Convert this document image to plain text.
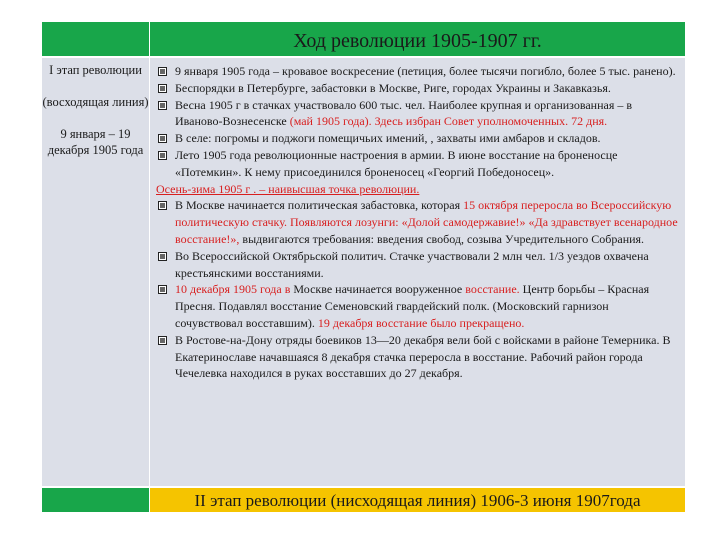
Ход революции 1905-1907 гг.
I этап революции
(восходящая линия)
9 января – 19 декабря 1905 года
9 января 1905 года – кровавое воскресение (петиция, более тысячи погибло, более 5 тыс. ранено).
Беспорядки в Петербурге, забастовки в Москве, Риге, городах Украины и Закавказья.
Весна 1905 г в стачках участвовало 600 тыс. чел. Наиболее крупная и организованная – в Иваново-Вознесенске (май 1905 года). Здесь избран Совет уполномоченных. 72 дня.
В селе: погромы и поджоги помещичьих имений, , захваты ими амбаров и складов.
Лето 1905 года революционные настроения в армии. В июне восстание на броненосце «Потемкин». К нему присоединился броненосец «Георгий Победоносец».
Осень-зима 1905 г . – наивысшая точка революции.
В Москве начинается политическая забастовка, которая 15 октября переросла во Всероссийскую политическую стачку. Появляются лозунги: «Долой самодержавие!» «Да здравствует всенародное восстание!», выдвигаются требования: введения свобод, созыва Учредительного Собрания.
Во Всероссийской Октябрьской политич. Стачке участвовали 2 млн чел. 1/3 уездов охвачена крестьянскими восстаниями.
10 декабря 1905 года в Москве начинается вооруженное восстание. Центр борьбы – Красная Пресня. Подавлял восстание Семеновский гвардейский полк. (Московский гарнизон сочувствовал восставшим). 19 декабря восстание было прекращено.
В Ростове-на-Дону отряды боевиков 13—20 декабря вели бой с войсками в районе Темерника. В Екатеринославе начавшаяся 8 декабря стачка переросла в восстание. Рабочий район города Чечелевка находился в руках восставших до 27 декабря.
II этап революции (нисходящая линия) 1906-3 июня 1907года
